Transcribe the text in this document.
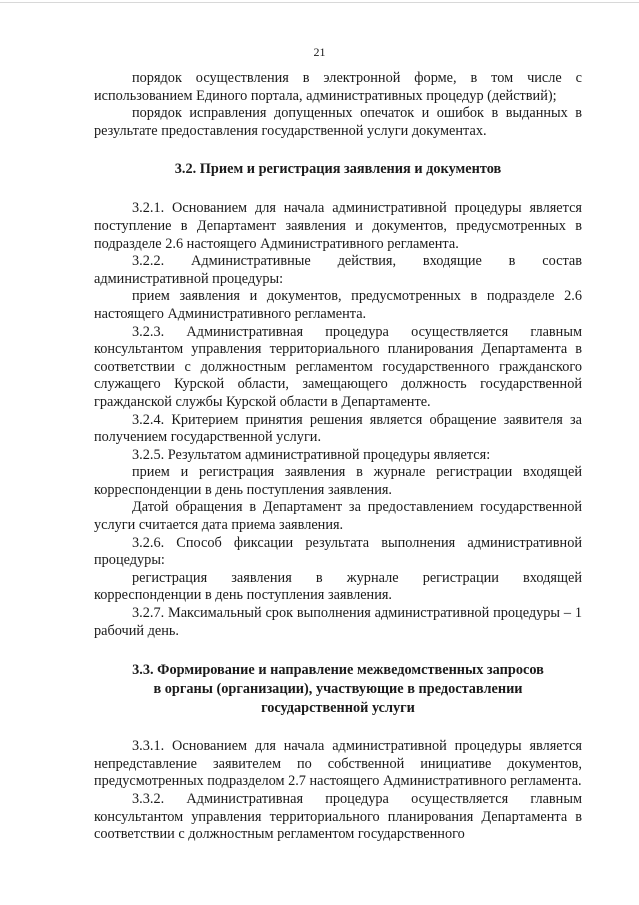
21

порядок осуществления в электронной форме, в том числе с использованием Единого портала, административных процедур (действий);

порядок исправления допущенных опечаток и ошибок в выданных в результате предоставления государственной услуги документах.

3.2. Прием и регистрация заявления и документов

3.2.1. Основанием для начала административной процедуры является поступление в Департамент заявления и документов, предусмотренных в подразделе 2.6 настоящего Административного регламента.

3.2.2. Административные действия, входящие в состав административной процедуры:

прием заявления и документов, предусмотренных в подразделе 2.6 настоящего Административного регламента.

3.2.3. Административная процедура осуществляется главным консультантом управления территориального планирования Департамента в соответствии с должностным регламентом государственного гражданского служащего Курской области, замещающего должность государственной гражданской службы Курской области в Департаменте.

3.2.4. Критерием принятия решения является обращение заявителя за получением государственной услуги.

3.2.5. Результатом административной процедуры является:

прием и регистрация заявления в журнале регистрации входящей корреспонденции в день поступления заявления.

Датой обращения в Департамент за предоставлением государственной услуги считается дата приема заявления.

3.2.6. Способ фиксации результата выполнения административной процедуры:

регистрация заявления в журнале регистрации входящей корреспонденции в день поступления заявления.

3.2.7. Максимальный срок выполнения административной процедуры – 1 рабочий день.

3.3. Формирование и направление межведомственных запросов

в органы (организации), участвующие в предоставлении

государственной услуги

3.3.1. Основанием для начала административной процедуры является непредставление заявителем по собственной инициативе документов, предусмотренных подразделом 2.7 настоящего Административного регламента.

3.3.2. Административная процедура осуществляется главным консультантом управления территориального планирования Департамента в соответствии с должностным регламентом государственного
